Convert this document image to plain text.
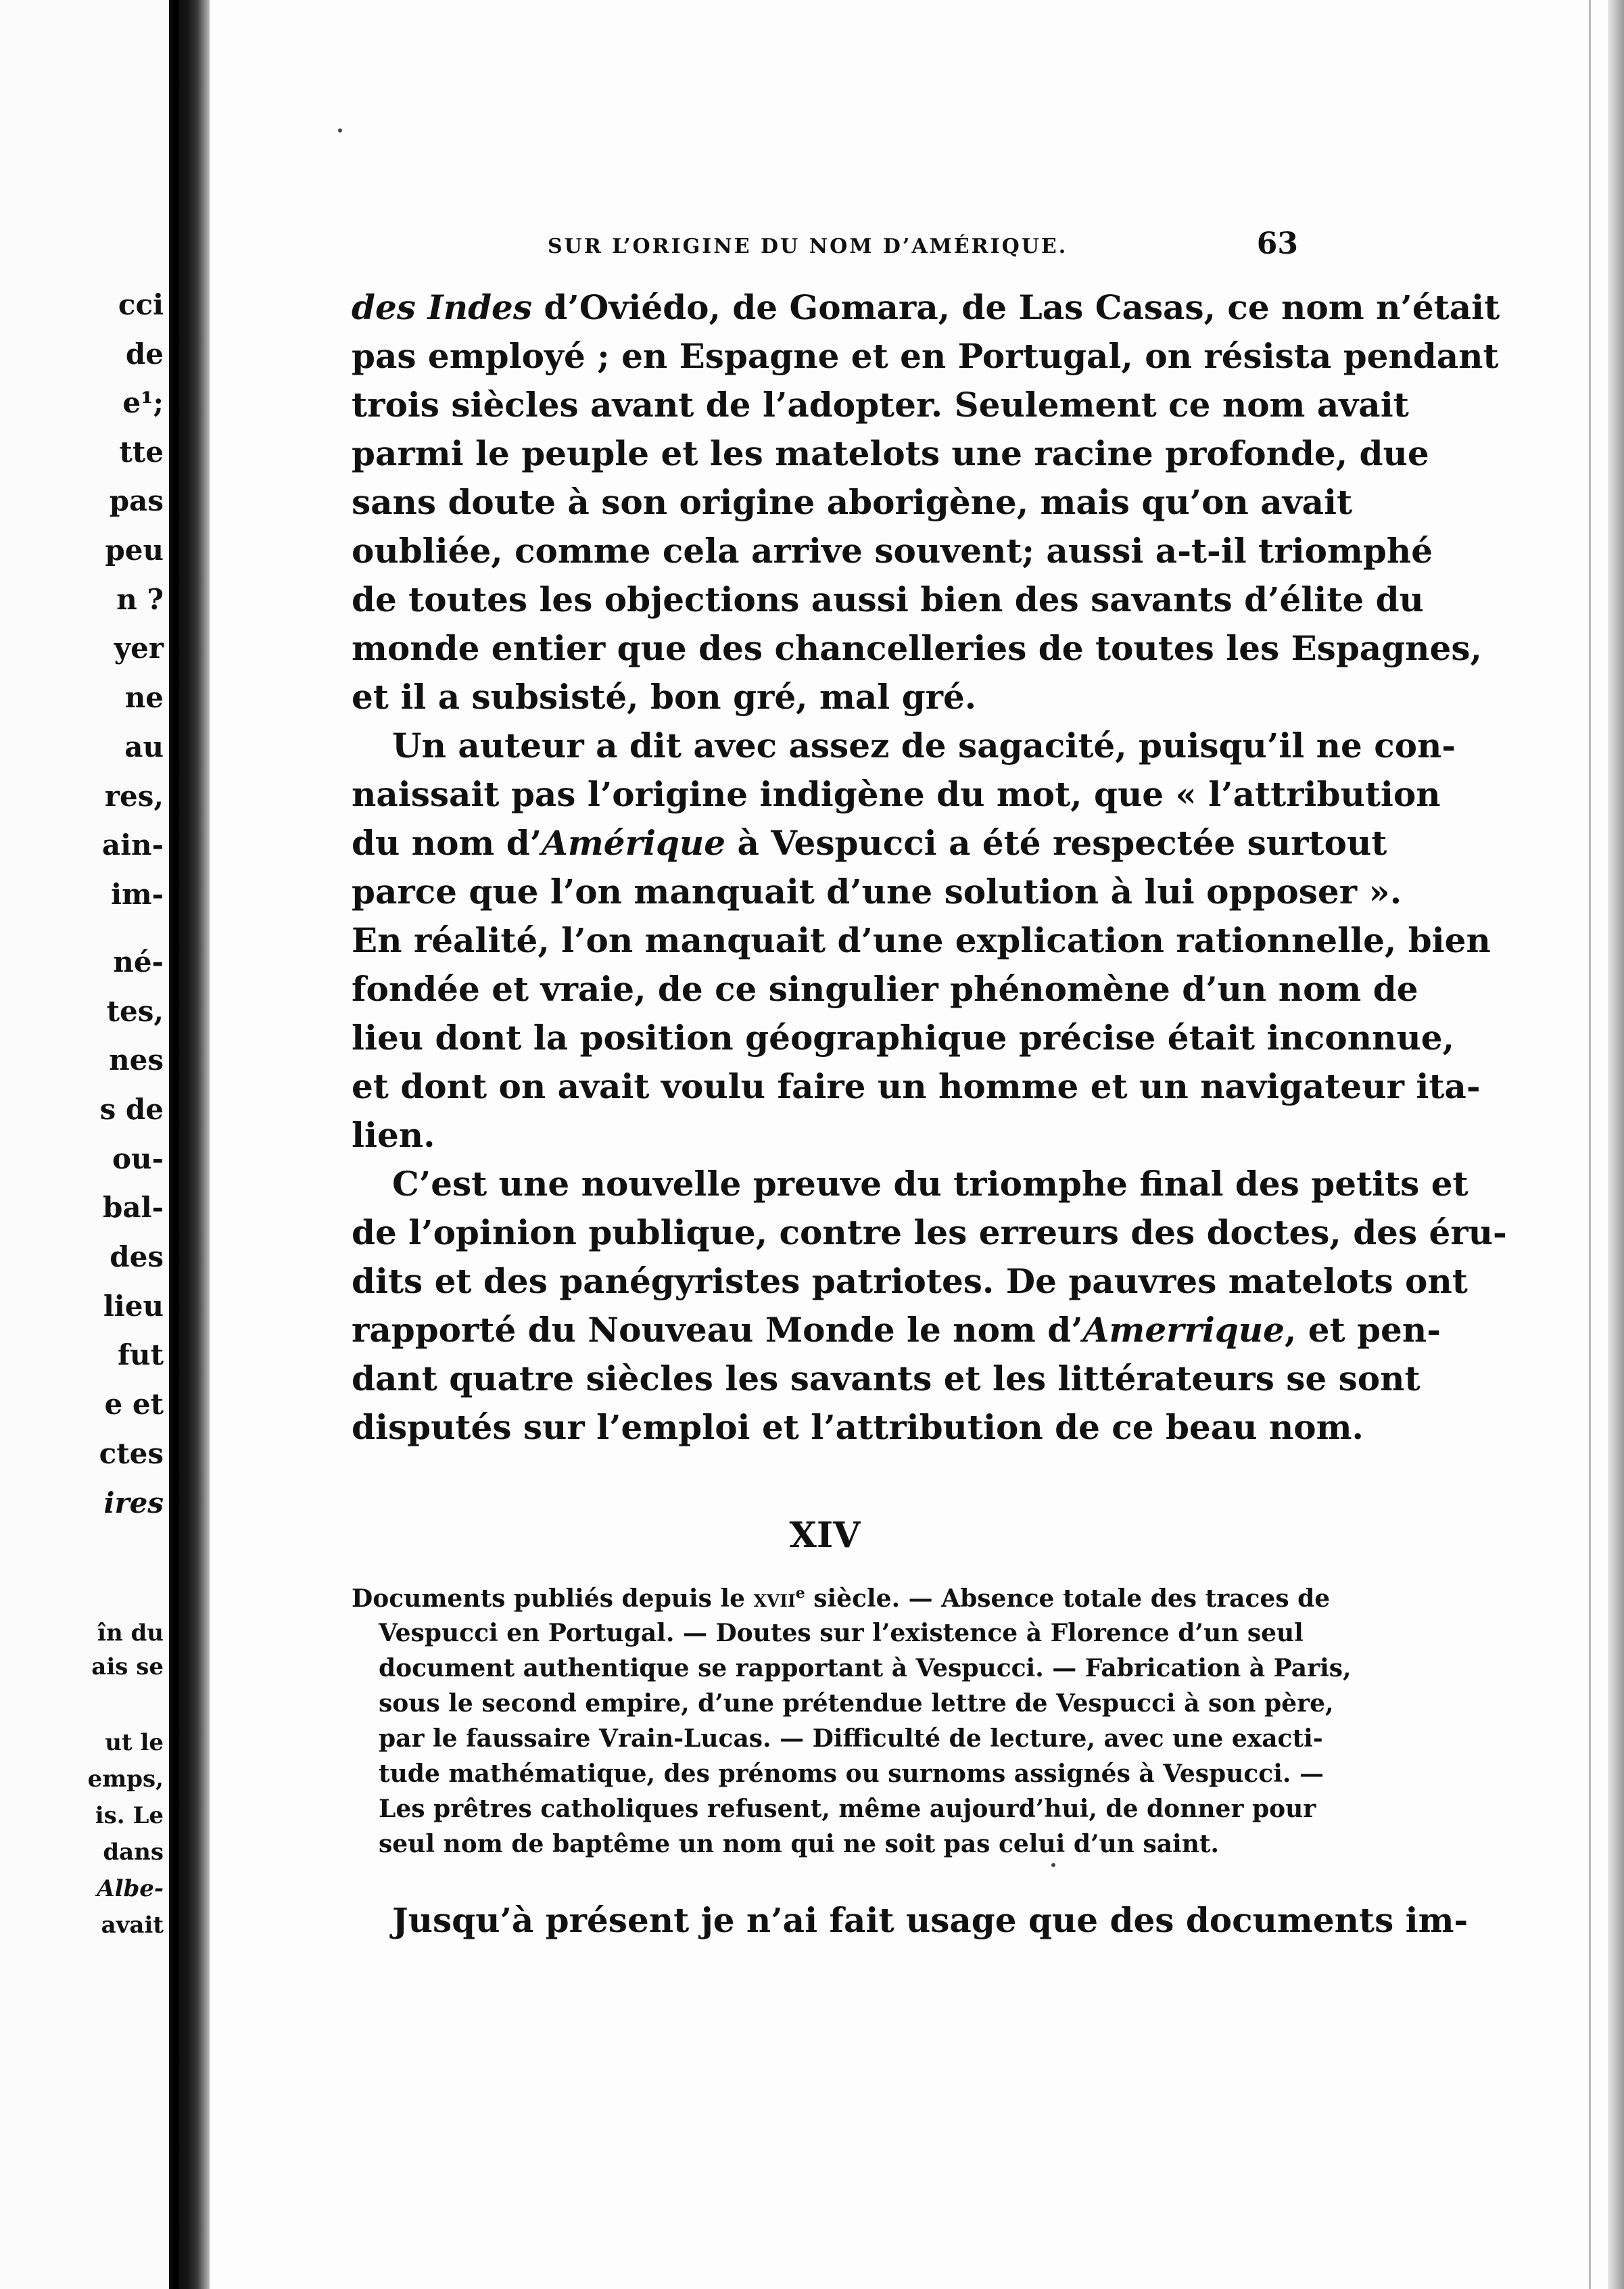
cci
de
e¹;
tte
pas
peu
n ?
yer
ne
au
res,
ain-
im-
né-
tes,
nes
s de
ou-
bal-
des
lieu
fut
e et
ctes
ires
în du
ais se
ut le
emps,
is. Le
dans
Albe-
avait
SUR L’ORIGINE DU NOM D’AMÉRIQUE.	63
des Indes d’Oviédo, de Gomara, de Las Casas, ce nom n’était
pas employé ; en Espagne et en Portugal, on résista pendant
trois siècles avant de l’adopter. Seulement ce nom avait
parmi le peuple et les matelots une racine profonde, due
sans doute à son origine aborigène, mais qu’on avait
oubliée, comme cela arrive souvent; aussi a-t-il triomphé
de toutes les objections aussi bien des savants d’élite du
monde entier que des chancelleries de toutes les Espagnes,
et il a subsisté, bon gré, mal gré.
Un auteur a dit avec assez de sagacité, puisqu’il ne con-
naissait pas l’origine indigène du mot, que « l’attribution
du nom d’Amérique à Vespucci a été respectée surtout
parce que l’on manquait d’une solution à lui opposer ».
En réalité, l’on manquait d’une explication rationnelle, bien
fondée et vraie, de ce singulier phénomène d’un nom de
lieu dont la position géographique précise était inconnue,
et dont on avait voulu faire un homme et un navigateur ita-
lien.
C’est une nouvelle preuve du triomphe final des petits et
de l’opinion publique, contre les erreurs des doctes, des éru-
dits et des panégyristes patriotes. De pauvres matelots ont
rapporté du Nouveau Monde le nom d’Amerrique, et pen-
dant quatre siècles les savants et les littérateurs se sont
disputés sur l’emploi et l’attribution de ce beau nom.
XIV
Documents publiés depuis le xvii$^e$ siècle. — Absence totale des traces de
Vespucci en Portugal. — Doutes sur l’existence à Florence d’un seul
document authentique se rapportant à Vespucci. — Fabrication à Paris,
sous le second empire, d’une prétendue lettre de Vespucci à son père,
par le faussaire Vrain-Lucas. — Difficulté de lecture, avec une exacti-
tude mathématique, des prénoms ou surnoms assignés à Vespucci. —
Les prêtres catholiques refusent, même aujourd’hui, de donner pour
seul nom de baptême un nom qui ne soit pas celui d’un saint.
Jusqu’à présent je n’ai fait usage que des documents im-
